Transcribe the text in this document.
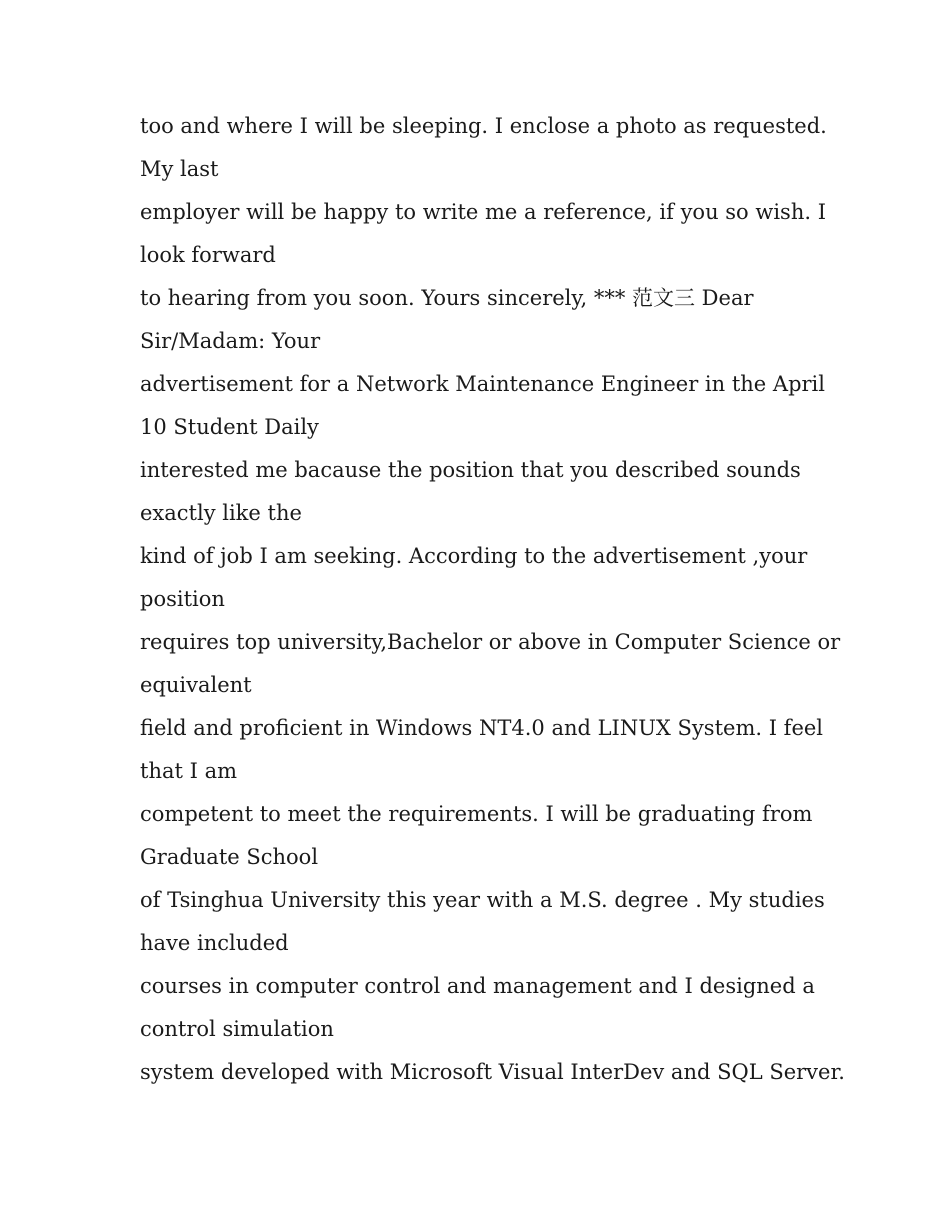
too and where I will be sleeping. I enclose a photo as requested.
My last

employer will be happy to write me a reference, if you so wish. I
look forward

to hearing from you soon. Yours sincerely, *** 范文三 Dear
Sir/Madam: Your

advertisement for a Network Maintenance Engineer in the April
10 Student Daily

interested me bacause the position that you described sounds
exactly like the

kind of job I am seeking. According to the advertisement ,your
position

requires top university,Bachelor or above in Computer Science or
equivalent

field and proficient in Windows NT4.0 and LINUX System. I feel
that I am

competent to meet the requirements. I will be graduating from
Graduate School

of Tsinghua University this year with a M.S. degree . My studies
have included

courses in computer control and management and I designed a
control simulation

system developed with Microsoft Visual InterDev and SQL Server.
